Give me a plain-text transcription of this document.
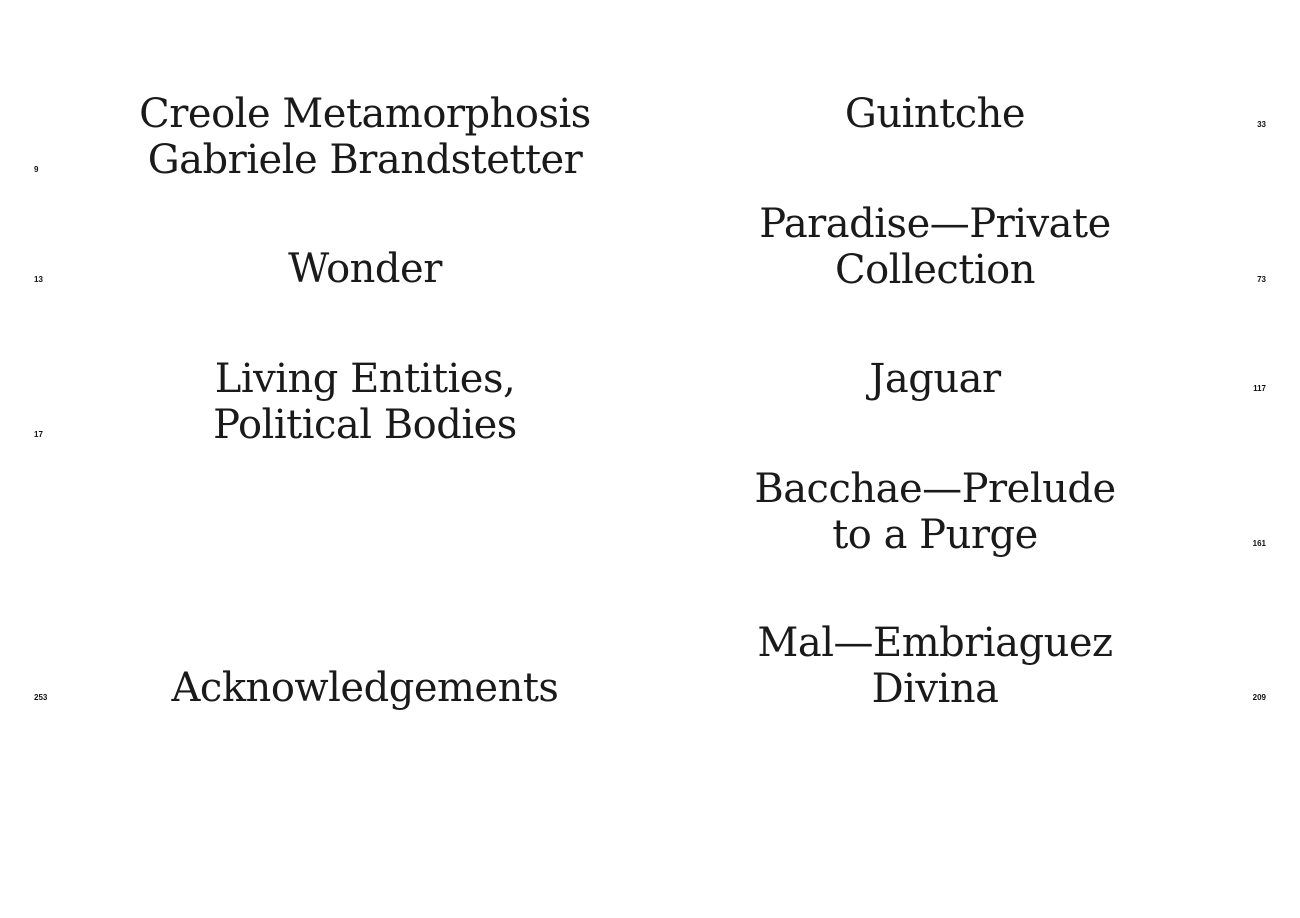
Creole Metamorphosis
Gabriele Brandstetter
9
Wonder
13
Living Entities,
Political Bodies
17
Acknowledgements
253
Guintche	33
Paradise—Private
Collection	73
Jaguar	117
Bacchae—Prelude
to a Purge	161
Mal—Embriaguez
Divina	209
